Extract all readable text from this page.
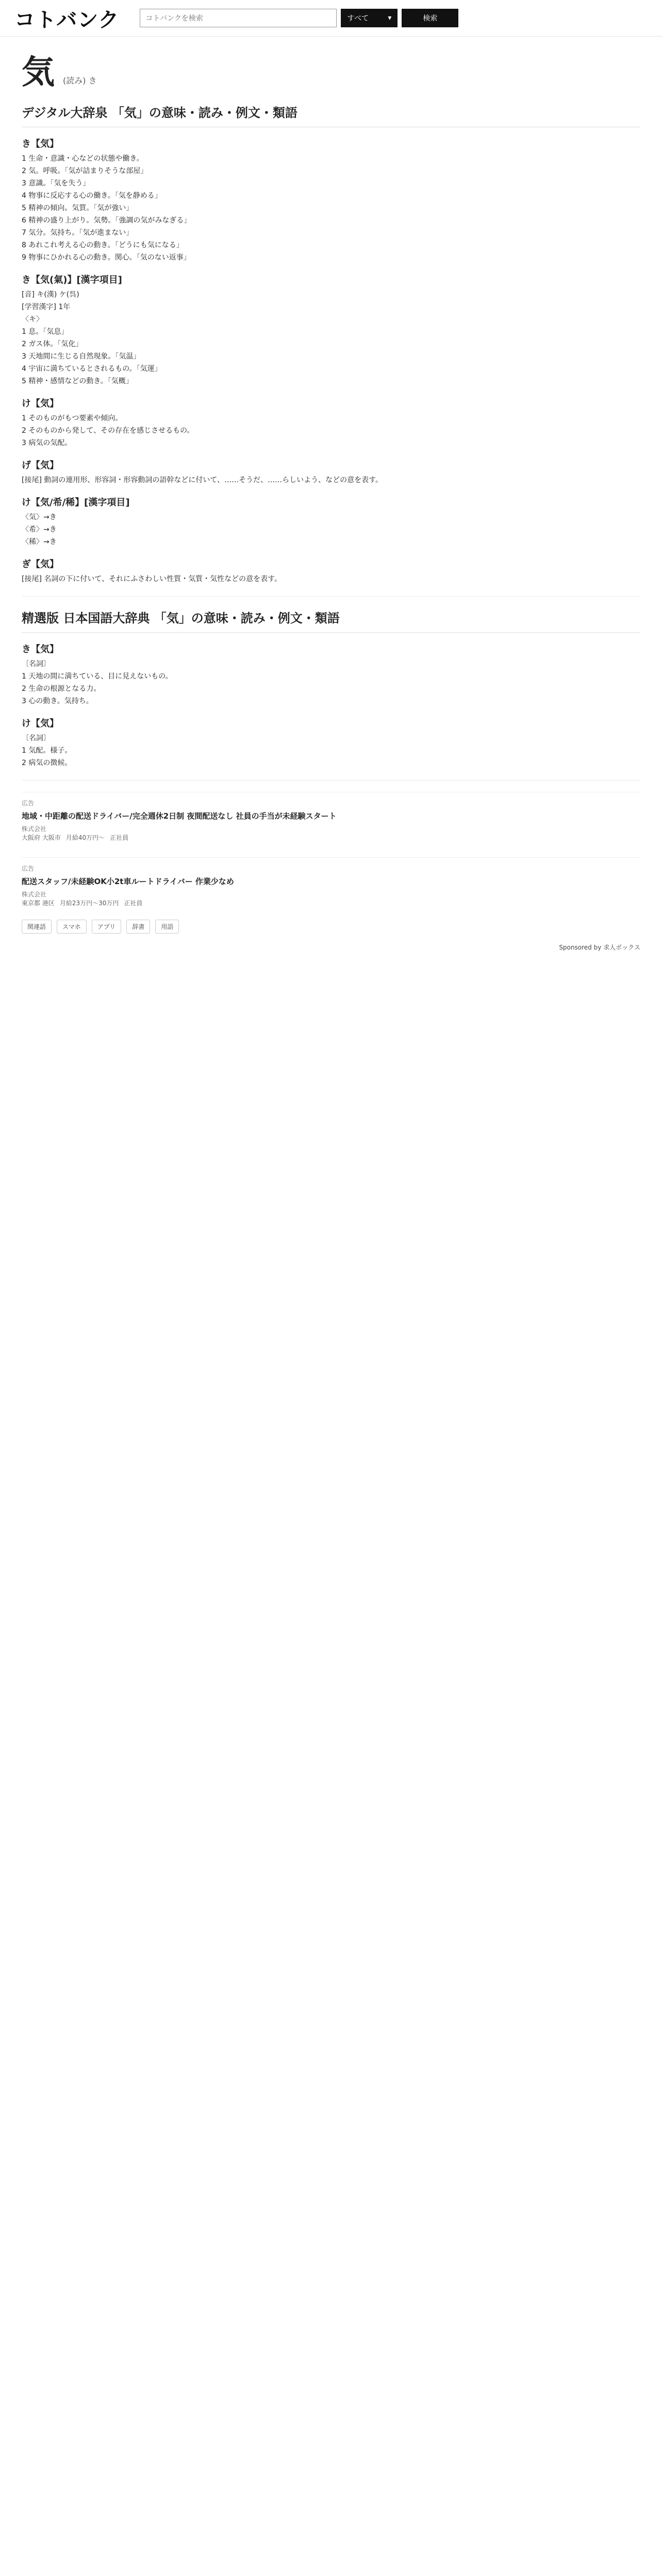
コトバンク
コトバンクを検索	すべて	▾	検索
気 (読み) き
デジタル大辞泉 「気」の意味・読み・例文・類語
き【気】
1 生命・意識・心などの状態や働き。
2 気。呼吸。「気が詰まりそうな部屋」
3 意識。「気を失う」
4 物事に反応する心の働き。「気を静める」
5 精神の傾向。気質。「気が強い」
6 精神の盛り上がり。気勢。「強調の気がみなぎる」
7 気分。気持ち。「気が進まない」
8 あれこれ考える心の動き。「どうにも気になる」
9 物事にひかれる心の動き。関心。「気のない返事」
き【気(氣)】[漢字項目]
[音] キ(漢) ケ(呉)
[学習漢字] 1年
〈キ〉
1 息。「気息」
2 ガス体。「気化」
3 天地間に生じる自然現象。「気温」
4 宇宙に満ちているとされるもの。「気運」
5 精神・感情などの動き。「気概」
け【気】
1 そのものがもつ要素や傾向。
2 そのものから発して、その存在を感じさせるもの。
3 病気の気配。
げ【気】
[接尾] 動詞の連用形、形容詞・形容動詞の語幹などに付いて、……そうだ、……らしいよう、などの意を表す。
け【気/希/稀】[漢字項目]
〈気〉→き
〈希〉→き
〈稀〉→き
ぎ【気】
[接尾] 名詞の下に付いて、それにふさわしい性質・気質・気性などの意を表す。
精選版 日本国語大辞典 「気」の意味・読み・例文・類語
き【気】
〔名詞〕
1 天地の間に満ちている、目に見えないもの。
2 生命の根源となる力。
3 心の動き。気持ち。
け【気】
〔名詞〕
1 気配。様子。
2 病気の徴候。
広告
地域・中距離の配送ドライバー/完全週休2日制 夜間配送なし 社員の手当が未経験スタート
株式会社
大阪府 大阪市 月給40万円〜 正社員
広告
配送スタッフ/未経験OK小2t車ルートドライバー 作業少なめ
株式会社
東京都 港区 月給23万円〜30万円 正社員
関連語	スマホ	アプリ	辞書	用語
Sponsored by 求人ボックス
